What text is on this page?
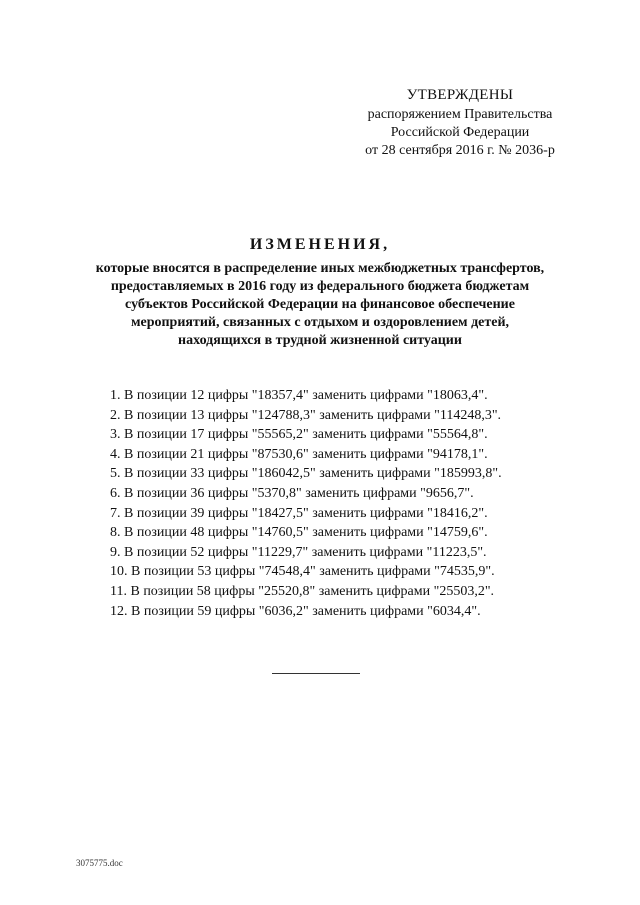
УТВЕРЖДЕНЫ
распоряжением Правительства
Российской Федерации
от 28 сентября 2016 г. № 2036-р
ИЗМЕНЕНИЯ,
которые вносятся в распределение иных межбюджетных трансфертов,
предоставляемых в 2016 году из федерального бюджета бюджетам
субъектов Российской Федерации на финансовое обеспечение
мероприятий, связанных с отдыхом и оздоровлением детей,
находящихся в трудной жизненной ситуации
1. В позиции 12 цифры "18357,4" заменить цифрами "18063,4".
2. В позиции 13 цифры "124788,3" заменить цифрами "114248,3".
3. В позиции 17 цифры "55565,2" заменить цифрами "55564,8".
4. В позиции 21 цифры "87530,6" заменить цифрами "94178,1".
5. В позиции 33 цифры "186042,5" заменить цифрами "185993,8".
6. В позиции 36 цифры "5370,8" заменить цифрами "9656,7".
7. В позиции 39 цифры "18427,5" заменить цифрами "18416,2".
8. В позиции 48 цифры "14760,5" заменить цифрами "14759,6".
9. В позиции 52 цифры "11229,7" заменить цифрами "11223,5".
10. В позиции 53 цифры "74548,4" заменить цифрами "74535,9".
11. В позиции 58 цифры "25520,8" заменить цифрами "25503,2".
12. В позиции 59 цифры "6036,2" заменить цифрами "6034,4".
3075775.doc
